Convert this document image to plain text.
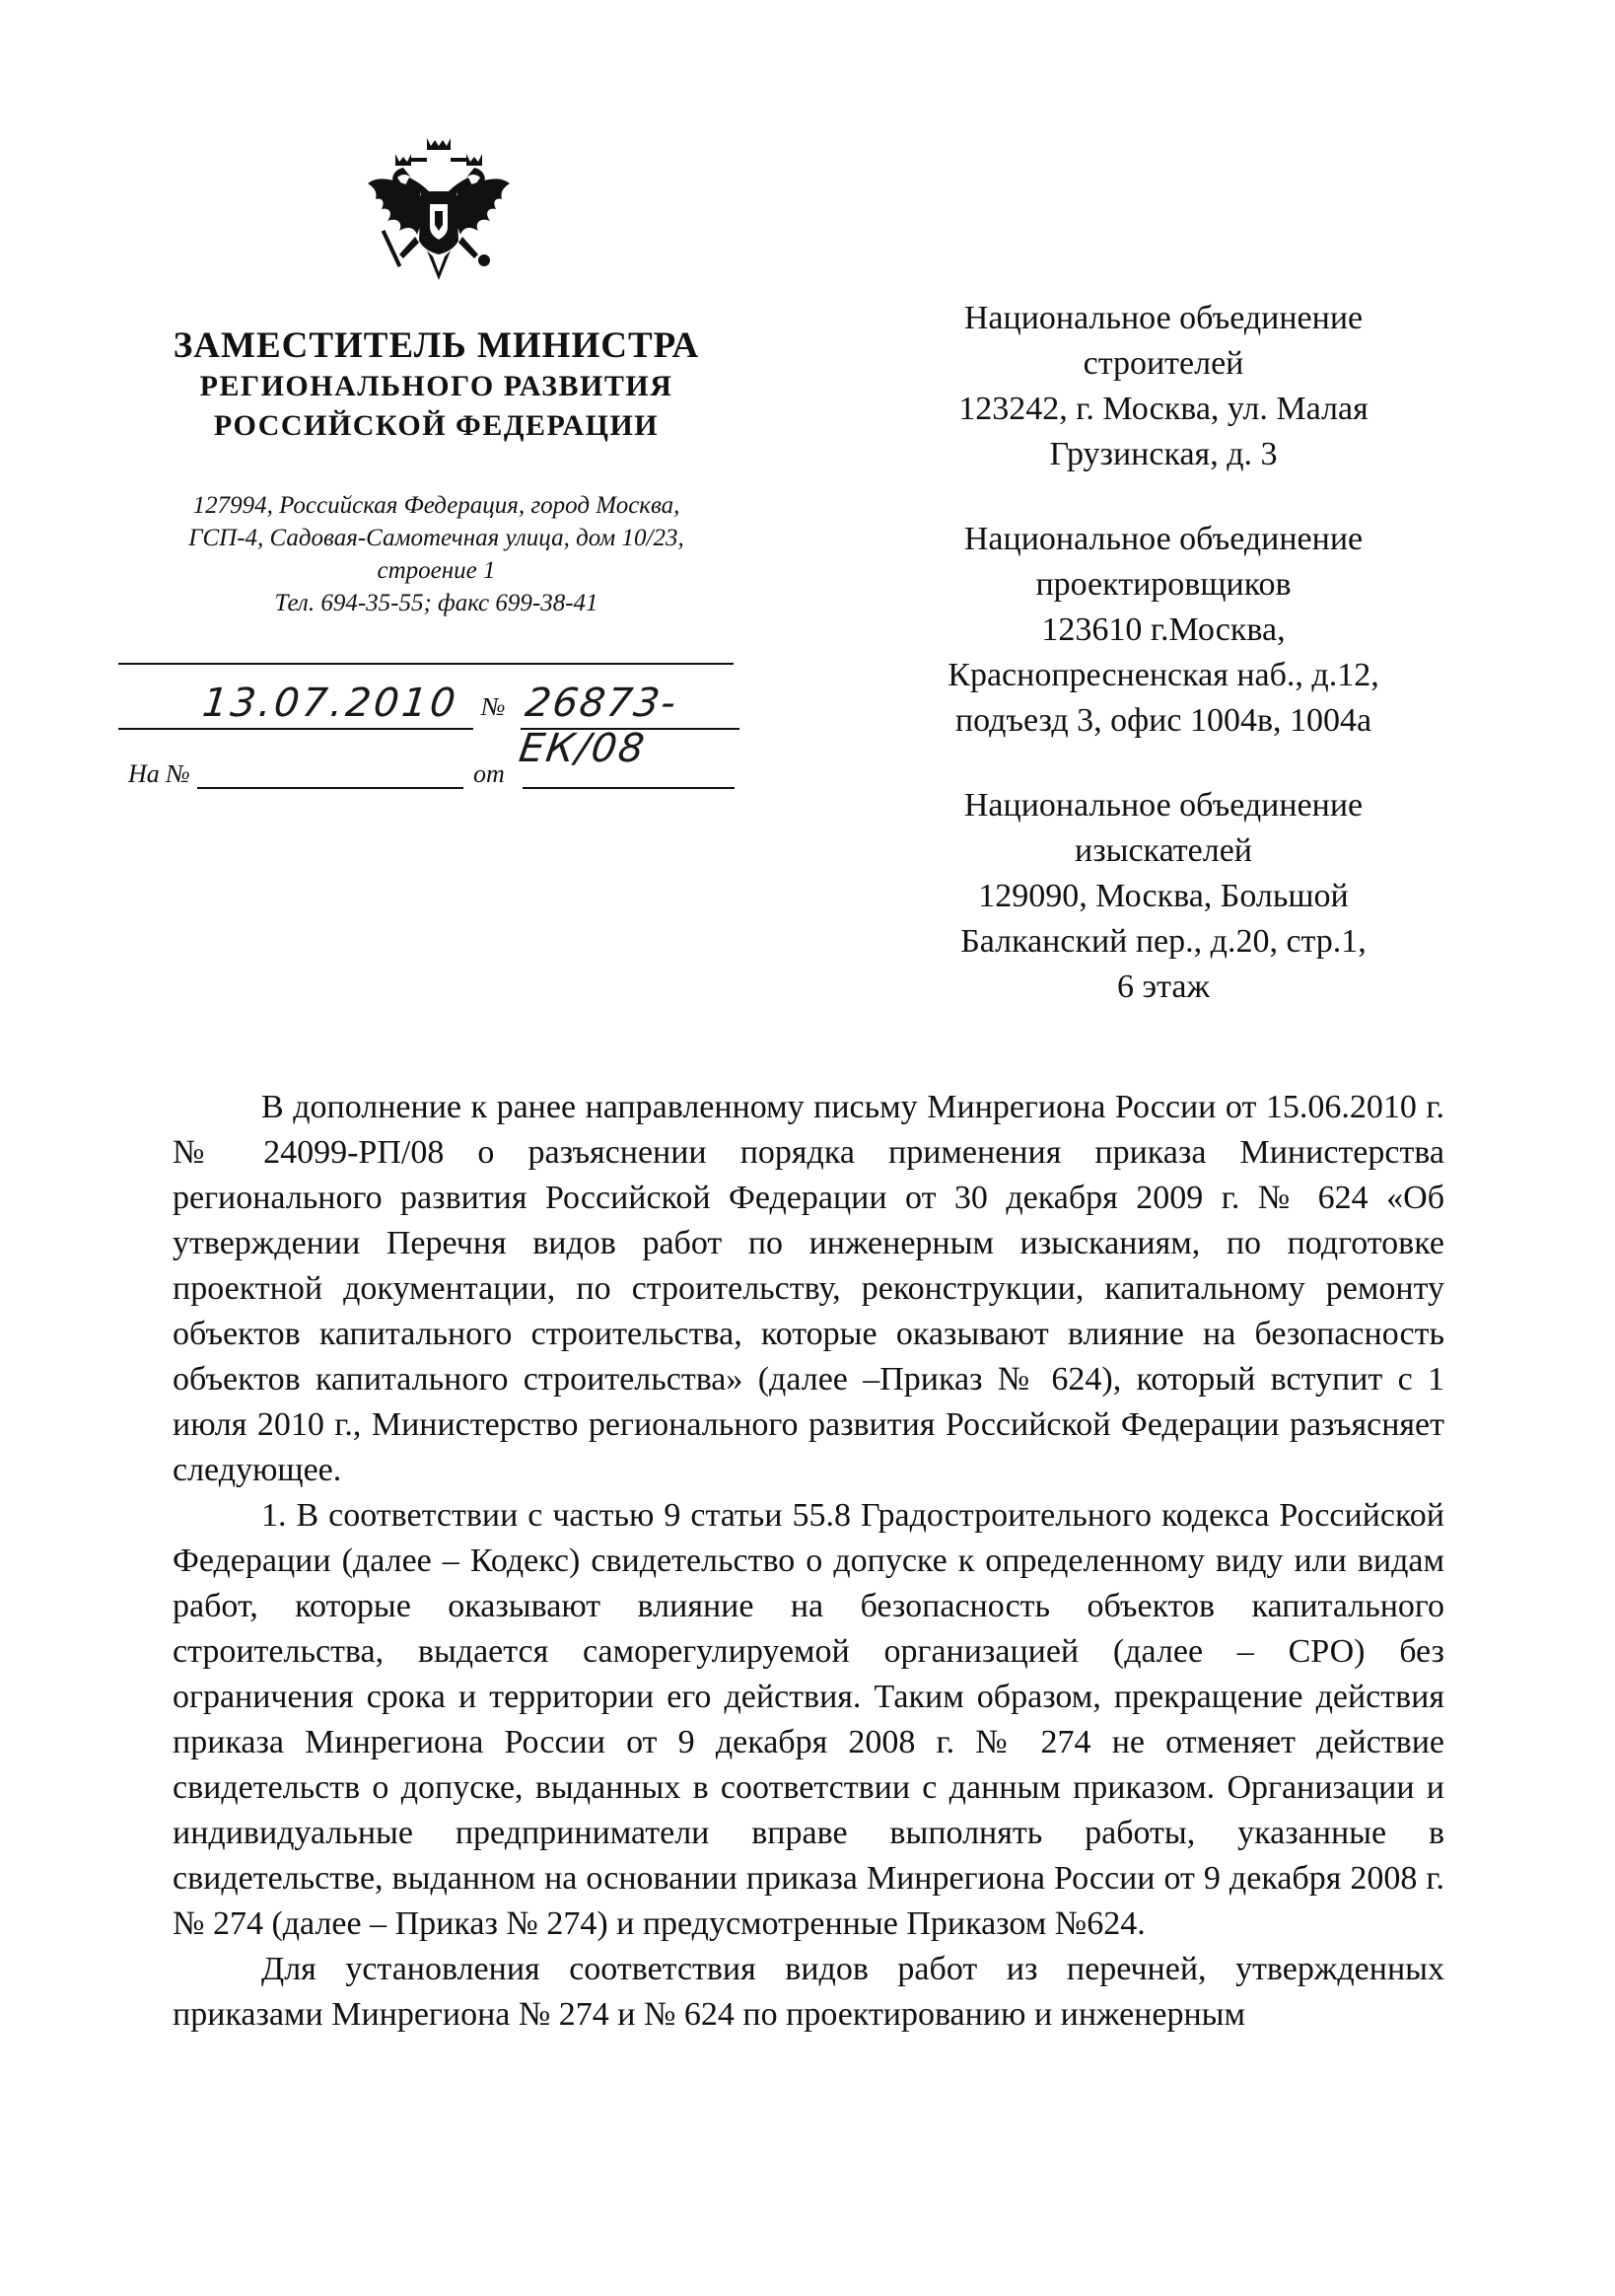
ЗАМЕСТИТЕЛЬ МИНИСТРА
РЕГИОНАЛЬНОГО РАЗВИТИЯ
РОССИЙСКОЙ ФЕДЕРАЦИИ
127994, Российская Федерация, город Москва,
ГСП-4, Садовая-Самотечная улица, дом 10/23,
строение 1
Тел. 694-35-55; факс 699-38-41
13.07.2010 № 26873-ЕК/08
На №	от
Национальное объединение
строителей
123242, г. Москва, ул. Малая
Грузинская, д. 3
Национальное объединение
проектировщиков
123610 г.Москва,
Краснопресненская наб., д.12,
подъезд 3, офис 1004в, 1004а
Национальное объединение
изыскателей
129090, Москва, Большой
Балканский пер., д.20, стр.1,
6 этаж

В дополнение к ранее направленному письму Минрегиона России от 15.06.2010 г. № 24099-РП/08 о разъяснении порядка применения приказа Министерства регионального развития Российской Федерации от 30 декабря 2009 г. № 624 «Об утверждении Перечня видов работ по инженерным изысканиям, по подготовке проектной документации, по строительству, реконструкции, капитальному ремонту объектов капитального строительства, которые оказывают влияние на безопасность объектов капитального строительства» (далее –Приказ № 624), который вступит с 1 июля 2010 г., Министерство регионального развития Российской Федерации разъясняет следующее.

1. В соответствии с частью 9 статьи 55.8 Градостроительного кодекса Российской Федерации (далее – Кодекс) свидетельство о допуске к определенному виду или видам работ, которые оказывают влияние на безопасность объектов капитального строительства, выдается саморегулируемой организацией (далее – СРО) без ограничения срока и территории его действия. Таким образом, прекращение действия приказа Минрегиона России от 9 декабря 2008 г. № 274 не отменяет действие свидетельств о допуске, выданных в соответствии с данным приказом. Организации и индивидуальные предприниматели вправе выполнять работы, указанные в свидетельстве, выданном на основании приказа Минрегиона России от 9 декабря 2008 г. № 274 (далее – Приказ № 274) и предусмотренные Приказом №624.

Для установления соответствия видов работ из перечней, утвержденных приказами Минрегиона № 274 и № 624 по проектированию и инженерным
